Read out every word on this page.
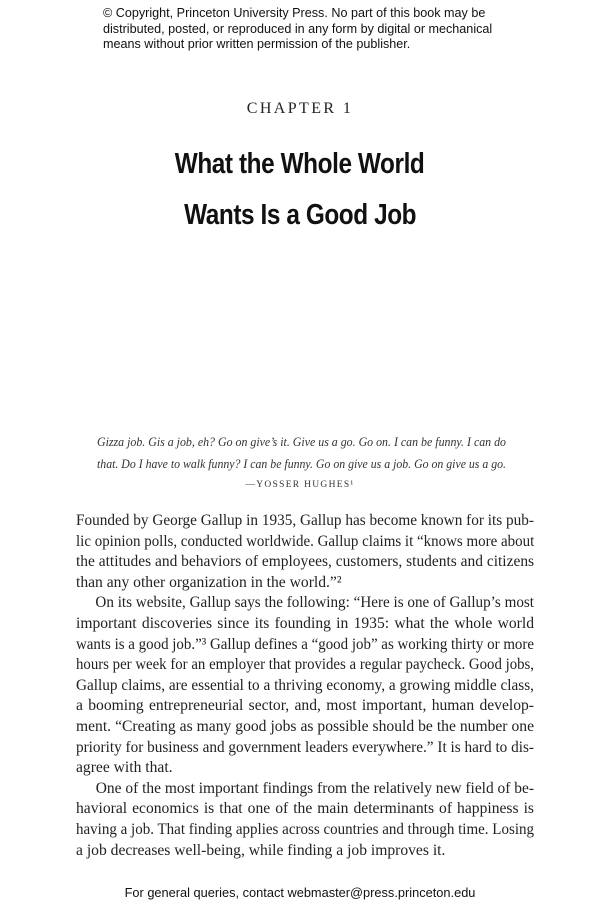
© Copyright, Princeton University Press. No part of this book may be
distributed, posted, or reproduced in any form by digital or mechanical
means without prior written permission of the publisher.
CHAPTER 1
What the Whole World
Wants Is a Good Job
Gizza job. Gis a job, eh? Go on give’s it. Give us a go. Go on. I can be funny. I can do
that. Do I have to walk funny? I can be funny. Go on give us a job. Go on give us a go.
—YOSSER HUGHES¹
Founded by George Gallup in 1935, Gallup has become known for its pub-
lic opinion polls, conducted worldwide. Gallup claims it “knows more about
the attitudes and behaviors of employees, customers, students and citizens
than any other organization in the world.”²
On its website, Gallup says the following: “Here is one of Gallup’s most
important discoveries since its founding in 1935: what the whole world
wants is a good job.”³ Gallup defines a “good job” as working thirty or more
hours per week for an employer that provides a regular paycheck. Good jobs,
Gallup claims, are essential to a thriving economy, a growing middle class,
a booming entrepreneurial sector, and, most important, human develop-
ment. “Creating as many good jobs as possible should be the number one
priority for business and government leaders everywhere.” It is hard to dis-
agree with that.
One of the most important findings from the relatively new field of be-
havioral economics is that one of the main determinants of happiness is
having a job. That finding applies across countries and through time. Losing
a job decreases well-being, while finding a job improves it.
For general queries, contact webmaster@press.princeton.edu
